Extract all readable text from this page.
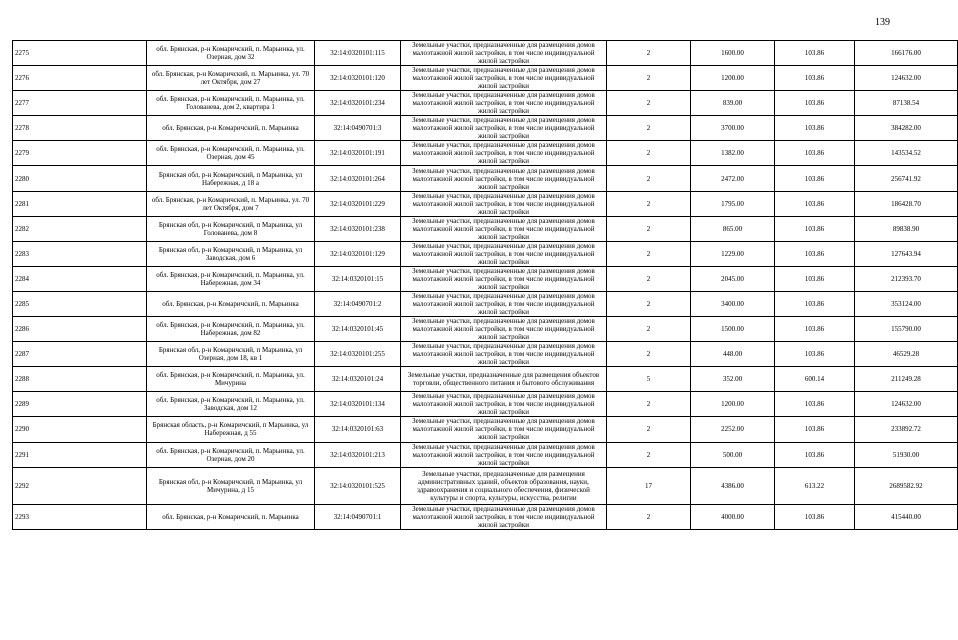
139
2275	обл. Брянская, р-н Комаричский, п. Марьинка, ул. Озерная, дом 32	32:14:0320101:115	Земельные участки, предназначенные для размещения домов малоэтажной жилой застройки, в том числе индивидуальной жилой застройки	2	1600.00	103.86	166176.00
2276	обл. Брянская, р-н Комаричский, п. Марьинка, ул. 70 лет Октября, дом 27	32:14:0320101:120	Земельные участки, предназначенные для размещения домов малоэтажной жилой застройки, в том числе индивидуальной жилой застройки	2	1200.00	103.86	124632.00
2277	обл. Брянская, р-н Комаричский, п. Марьинка, ул. Голованева, дом 2, квартира 1	32:14:0320101:234	Земельные участки, предназначенные для размещения домов малоэтажной жилой застройки, в том числе индивидуальной жилой застройки	2	839.00	103.86	87138.54
2278	обл. Брянская, р-н Комаричский, п. Марьинка	32:14:0490701:3	Земельные участки, предназначенные для размещения домов малоэтажной жилой застройки, в том числе индивидуальной жилой застройки	2	3700.00	103.86	384282.00
2279	обл. Брянская, р-н Комаричский, п. Марьинка, ул. Озерная, дом 45	32:14:0320101:191	Земельные участки, предназначенные для размещения домов малоэтажной жилой застройки, в том числе индивидуальной жилой застройки	2	1382.00	103.86	143534.52
2280	Брянская обл, р-н Комаричский, п Марьинка, ул Набережная, д 18 а	32:14:0320101:264	Земельные участки, предназначенные для размещения домов малоэтажной жилой застройки, в том числе индивидуальной жилой застройки	2	2472.00	103.86	256741.92
2281	обл. Брянская, р-н Комаричский, п. Марьинка, ул. 70 лет Октября, дом 7	32:14:0320101:229	Земельные участки, предназначенные для размещения домов малоэтажной жилой застройки, в том числе индивидуальной жилой застройки	2	1795.00	103.86	186428.70
2282	Брянская обл, р-н Комаричский, п Марьинка, ул Голованева, дом 8	32:14:0320101:238	Земельные участки, предназначенные для размещения домов малоэтажной жилой застройки, в том числе индивидуальной жилой застройки	2	865.00	103.86	89838.90
2283	Брянская обл, р-н Комаричский, п Марьинка, ул Заводская, дом 6	32:14:0320101:129	Земельные участки, предназначенные для размещения домов малоэтажной жилой застройки, в том числе индивидуальной жилой застройки	2	1229.00	103.86	127643.94
2284	обл. Брянская, р-н Комаричский, п. Марьинка, ул. Набережная, дом 34	32:14:0320101:15	Земельные участки, предназначенные для размещения домов малоэтажной жилой застройки, в том числе индивидуальной жилой застройки	2	2045.00	103.86	212393.70
2285	обл. Брянская, р-н Комаричский, п. Марьинка	32:14:0490701:2	Земельные участки, предназначенные для размещения домов малоэтажной жилой застройки, в том числе индивидуальной жилой застройки	2	3400.00	103.86	353124.00
2286	обл. Брянская, р-н Комаричский, п. Марьинка, ул. Набережная, дом 82	32:14:0320101:45	Земельные участки, предназначенные для размещения домов малоэтажной жилой застройки, в том числе индивидуальной жилой застройки	2	1500.00	103.86	155790.00
2287	Брянская обл, р-н Комаричский, п Марьинка, ул Озерная, дом 18, кв 1	32:14:0320101:255	Земельные участки, предназначенные для размещения домов малоэтажной жилой застройки, в том числе индивидуальной жилой застройки	2	448.00	103.86	46529.28
2288	обл. Брянская, р-н Комаричский, п. Марьинка, ул. Мичурина	32:14:0320101:24	Земельные участки, предназначенные для размещения объектов торговли, общественного питания и бытового обслуживания	5	352.00	600.14	211249.28
2289	обл. Брянская, р-н Комаричский, п. Марьинка, ул. Заводская, дом 12	32:14:0320101:134	Земельные участки, предназначенные для размещения домов малоэтажной жилой застройки, в том числе индивидуальной жилой застройки	2	1200.00	103.86	124632.00
2290	Брянская область, р-н Комаричский, п Марьинка, ул Набережная, д 55	32:14:0320101:63	Земельные участки, предназначенные для размещения домов малоэтажной жилой застройки, в том числе индивидуальной жилой застройки	2	2252.00	103.86	233892.72
2291	обл. Брянская, р-н Комаричский, п. Марьинка, ул. Озерная, дом 20	32:14:0320101:213	Земельные участки, предназначенные для размещения домов малоэтажной жилой застройки, в том числе индивидуальной жилой застройки	2	500.00	103.86	51930.00
2292	Брянская обл, р-н Комаричский, п Марьинка, ул Мичурина, д 15	32:14:0320101:525	Земельные участки, предназначенные для размещения административных зданий, объектов образования, науки, здравоохранения и социального обеспечения, физической культуры и спорта, культуры, искусства, религии	17	4386.00	613.22	2689582.92
2293	обл. Брянская, р-н Комаричский, п. Марьинка	32:14:0490701:1	Земельные участки, предназначенные для размещения домов малоэтажной жилой застройки, в том числе индивидуальной жилой застройки	2	4000.00	103.86	415440.00
